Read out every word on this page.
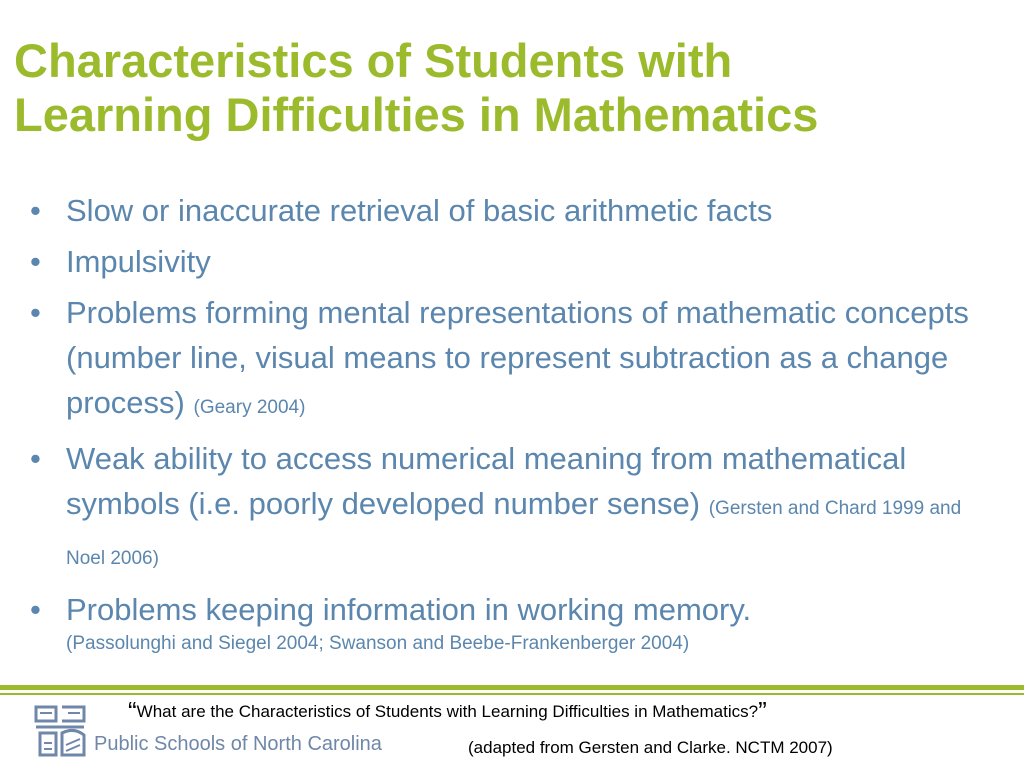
Characteristics of Students with
Learning Difficulties in Mathematics
• Slow or inaccurate retrieval of basic arithmetic facts
• Impulsivity
• Problems forming mental representations of mathematic concepts (number line, visual means to represent subtraction as a change process) (Geary 2004)
• Weak ability to access numerical meaning from mathematical symbols (i.e. poorly developed number sense) (Gersten and Chard 1999 and Noel 2006)
• Problems keeping information in working memory.
(Passolunghi and Siegel 2004; Swanson and Beebe-Frankenberger 2004)
Public Schools of North Carolina
“What are the Characteristics of Students with Learning Difficulties in Mathematics?”
(adapted from Gersten and Clarke. NCTM 2007)
